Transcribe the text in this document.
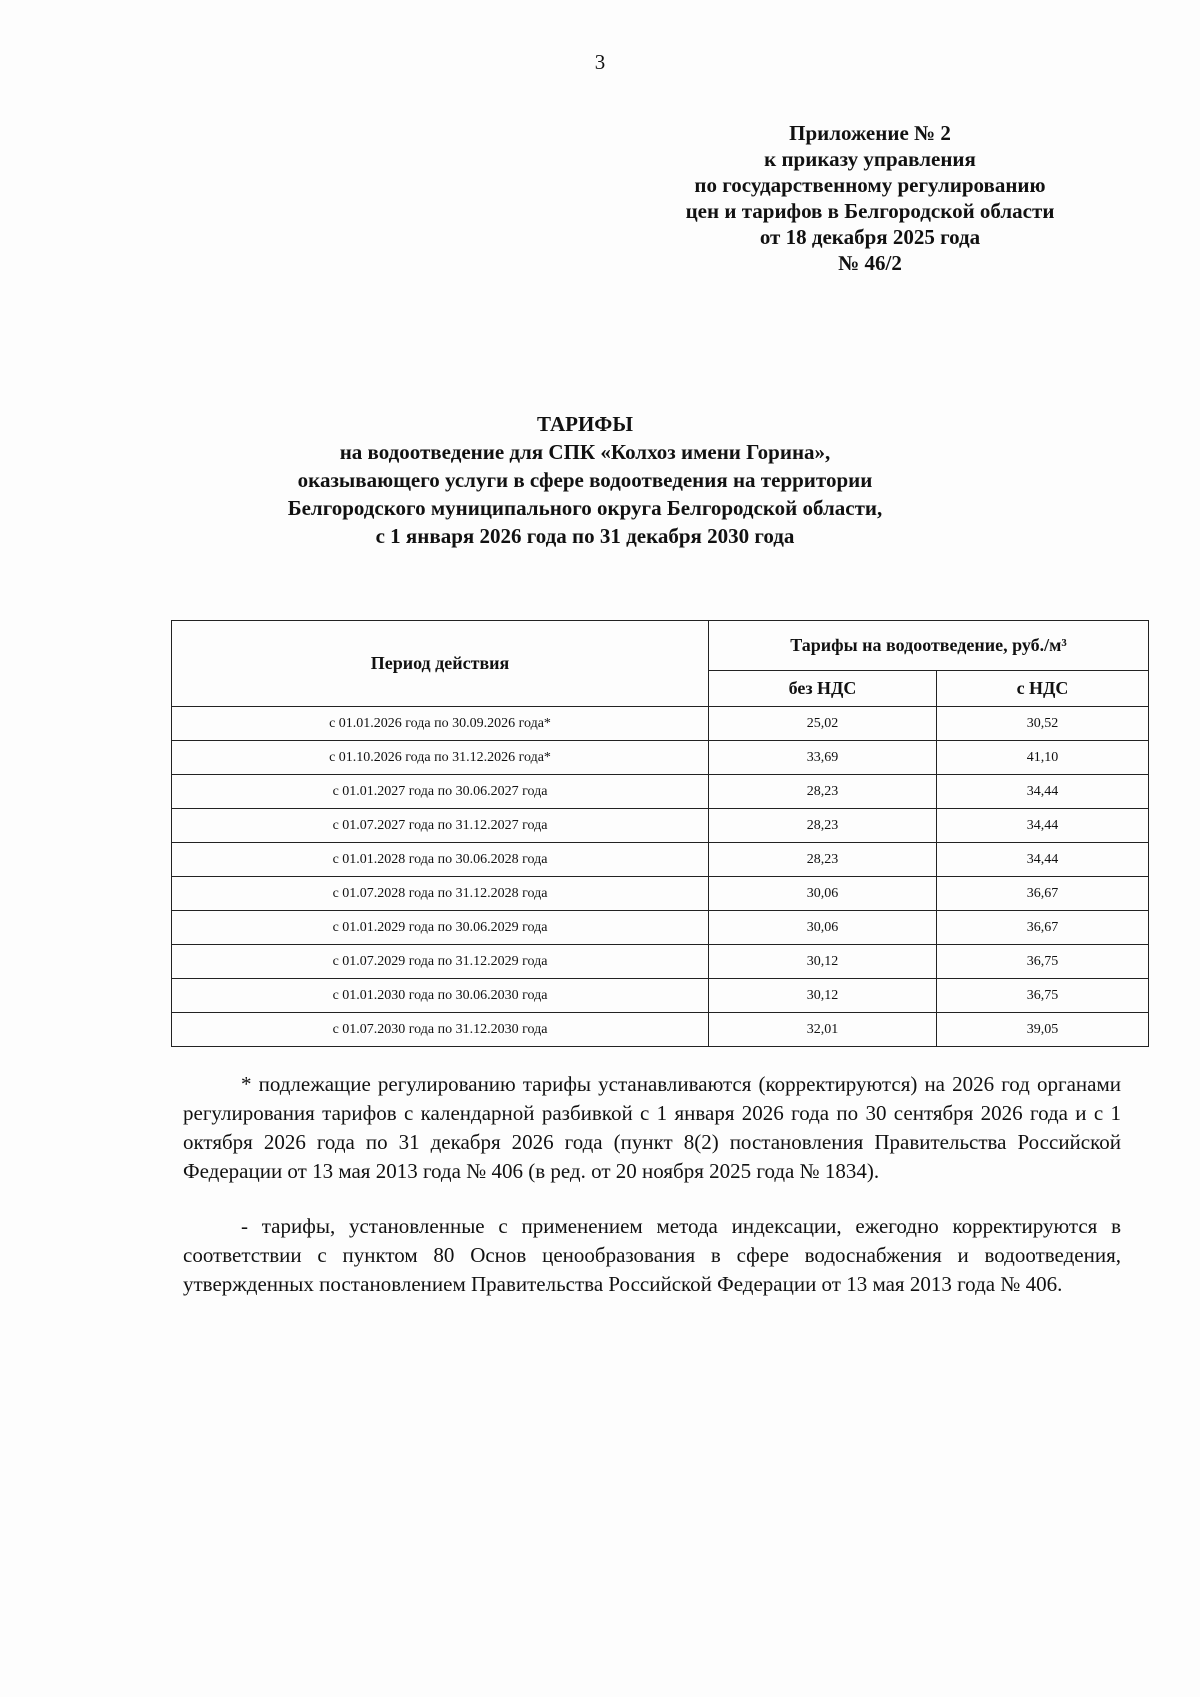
3
Приложение № 2
к приказу управления
по государственному регулированию
цен и тарифов в Белгородской области
от 18 декабря 2025 года
№ 46/2
ТАРИФЫ
на водоотведение для СПК «Колхоз имени Горина»,
оказывающего услуги в сфере водоотведения на территории
Белгородского муниципального округа Белгородской области,
с 1 января 2026 года по 31 декабря 2030 года
Период действия	Тарифы на водоотведение, руб./м³	
	без НДС	с НДС
с 01.01.2026 года по 30.09.2026 года*	25,02	30,52
с 01.10.2026 года по 31.12.2026 года*	33,69	41,10
с 01.01.2027 года по 30.06.2027 года	28,23	34,44
с 01.07.2027 года по 31.12.2027 года	28,23	34,44
с 01.01.2028 года по 30.06.2028 года	28,23	34,44
с 01.07.2028 года по 31.12.2028 года	30,06	36,67
с 01.01.2029 года по 30.06.2029 года	30,06	36,67
с 01.07.2029 года по 31.12.2029 года	30,12	36,75
с 01.01.2030 года по 30.06.2030 года	30,12	36,75
с 01.07.2030 года по 31.12.2030 года	32,01	39,05

* подлежащие регулированию тарифы устанавливаются (корректируются) на 2026 год органами регулирования тарифов с календарной разбивкой с 1 января 2026 года по 30 сентября 2026 года и с 1 октября 2026 года по 31 декабря 2026 года (пункт 8(2) постановления Правительства Российской Федерации от 13 мая 2013 года № 406 (в ред. от 20 ноября 2025 года № 1834).

- тарифы, установленные с применением метода индексации, ежегодно корректируются в соответствии с пунктом 80 Основ ценообразования в сфере водоснабжения и водоотведения, утвержденных постановлением Правительства Российской Федерации от 13 мая 2013 года № 406.
